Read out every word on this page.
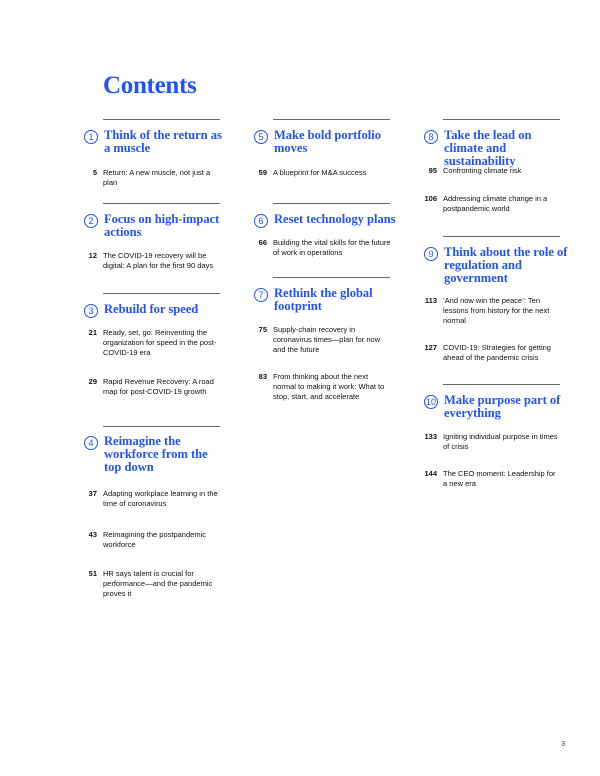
Contents
1 Think of the return as a muscle
5 Return: A new muscle, not just a plan
2 Focus on high-impact actions
12 The COVID-19 recovery will be digital: A plan for the first 90 days
3 Rebuild for speed
21 Ready, set, go: Reinventing the organization for speed in the post-COVID-19 era
29 Rapid Revenue Recovery: A road map for post-COVID-19 growth
4 Reimagine the workforce from the top down
37 Adapting workplace learning in the time of coronavirus
43 Reimagining the postpandemic workforce
51 HR says talent is crucial for performance—and the pandemic proves it
5 Make bold portfolio moves
59 A blueprint for M&A success
6 Reset technology plans
66 Building the vital skills for the future of work in operations
7 Rethink the global footprint
75 Supply-chain recovery in coronavirus times—plan for now and the future
83 From thinking about the next normal to making it work: What to stop, start, and accelerate
8 Take the lead on climate and sustainability
95 Confronting climate risk
106 Addressing climate change in a postpandemic world
9 Think about the role of regulation and government
113 ‘And now win the peace’: Ten lessons from history for the next normal
127 COVID-19: Strategies for getting ahead of the pandemic crisis
10 Make purpose part of everything
133 Igniting individual purpose in times of crisis
144 The CEO moment: Leadership for a new era
3
